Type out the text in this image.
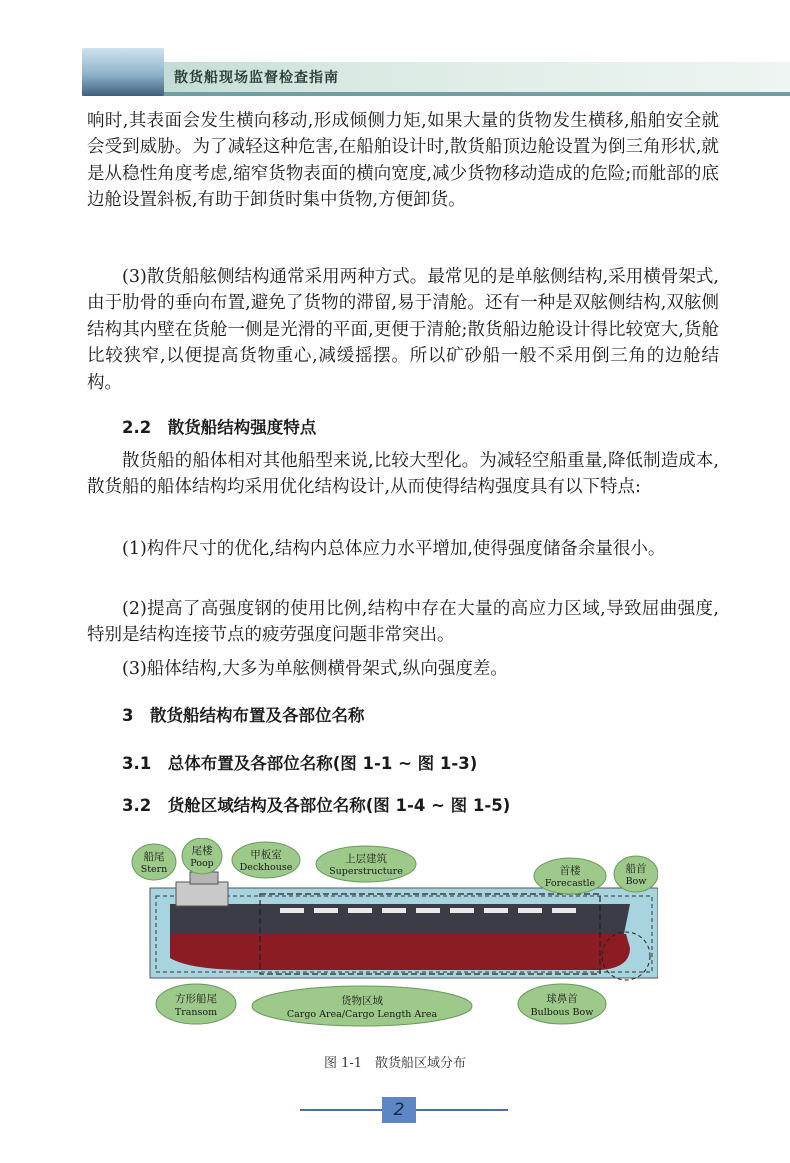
散货船现场监督检查指南

响时,其表面会发生横向移动,形成倾侧力矩,如果大量的货物发生横移,船舶安全就会受到威胁。为了减轻这种危害,在船舶设计时,散货船顶边舱设置为倒三角形状,就是从稳性角度考虑,缩窄货物表面的横向宽度,减少货物移动造成的危险;而舭部的底边舱设置斜板,有助于卸货时集中货物,方便卸货。

(3)散货船舷侧结构通常采用两种方式。最常见的是单舷侧结构,采用横骨架式,由于肋骨的垂向布置,避免了货物的滞留,易于清舱。还有一种是双舷侧结构,双舷侧结构其内壁在货舱一侧是光滑的平面,更便于清舱;散货船边舱设计得比较宽大,货舱比较狭窄,以便提高货物重心,减缓摇摆。所以矿砂船一般不采用倒三角的边舱结构。

2.2　散货船结构强度特点

散货船的船体相对其他船型来说,比较大型化。为减轻空船重量,降低制造成本,散货船的船体结构均采用优化结构设计,从而使得结构强度具有以下特点:

(1)构件尺寸的优化,结构内总体应力水平增加,使得强度储备余量很小。

(2)提高了高强度钢的使用比例,结构中存在大量的高应力区域,导致屈曲强度,特别是结构连接节点的疲劳强度问题非常突出。

(3)船体结构,大多为单舷侧横骨架式,纵向强度差。

3　散货船结构布置及各部位名称
3.1　总体布置及各部位名称(图 1-1 ~ 图 1-3)
3.2　货舱区域结构及各部位名称(图 1-4 ~ 图 1-5)
船尾
Stern
尾楼
Poop
甲板室
Deckhouse
上层建筑
Superstructure	首楼
Forecastle
船首
Bow
方形船尾
Transom
货物区域
Cargo Area/Cargo Length Area
球鼻首
Bulbous Bow
图 1-1　散货船区域分布
2
